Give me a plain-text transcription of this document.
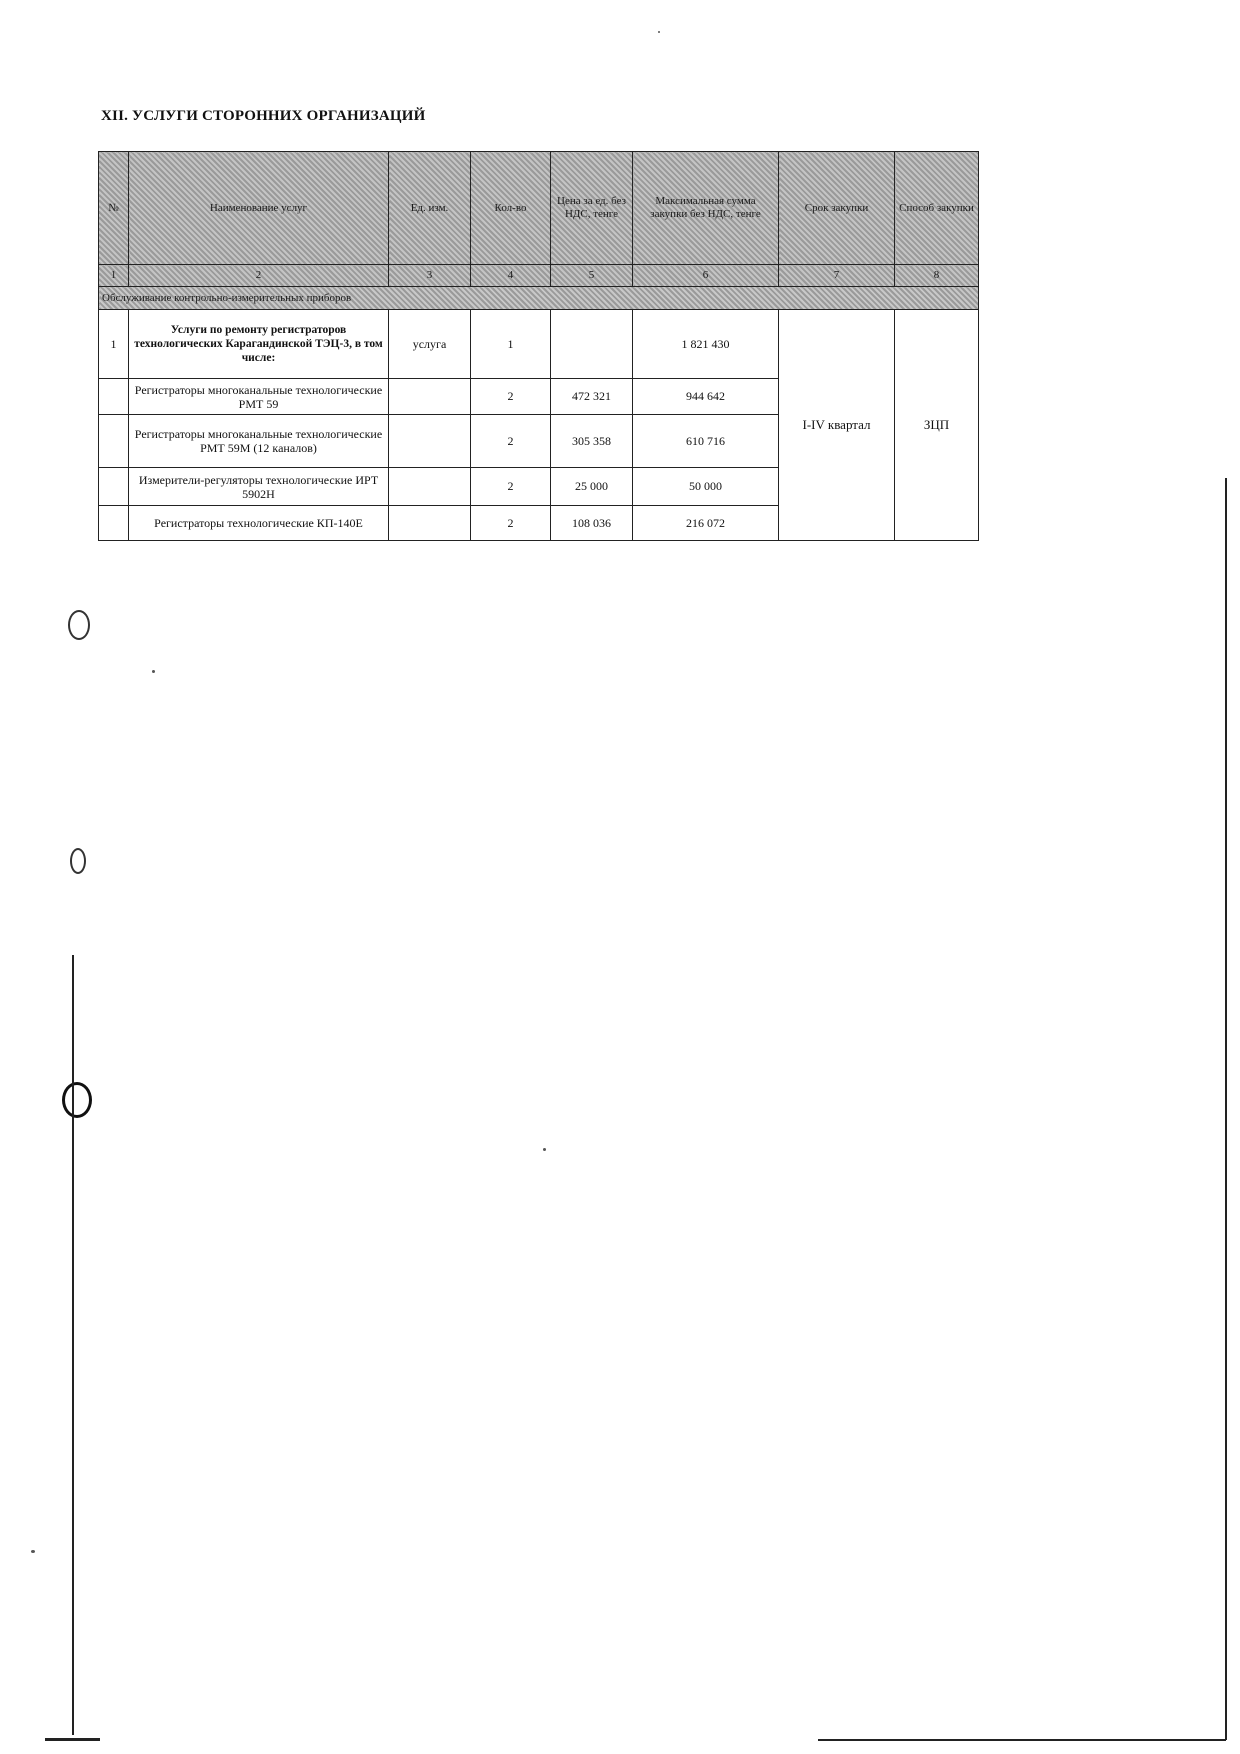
XII. УСЛУГИ СТОРОННИХ ОРГАНИЗАЦИЙ
№	Наименование услуг	Ед. изм.	Кол-во	Цена за ед. без НДС, тенге	Максимальная сумма закупки без НДС, тенге	Срок закупки	Способ закупки
1	2	3	4	5	6	7	8
Обслуживание контрольно-измерительных приборов							
1	Услуги по ремонту регистраторов технологических Карагандинской ТЭЦ-3, в том числе:	услуга	1		1 821 430	I-IV квартал	ЗЦП
	Регистраторы многоканальные технологические РМТ 59		2	472 321	944 642		
	Регистраторы многоканальные технологические РМТ 59М (12 каналов)		2	305 358	610 716		
	Измерители-регуляторы технологические ИРТ 5902Н		2	25 000	50 000		
	Регистраторы технологические КП-140Е		2	108 036	216 072		
